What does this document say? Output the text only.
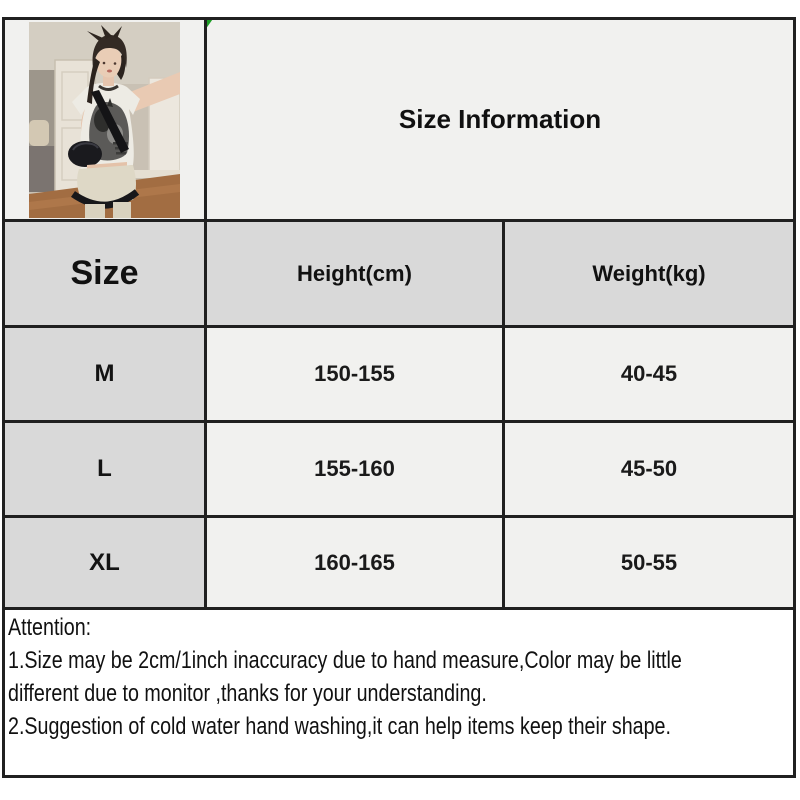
Size Information
Size	Height(cm)	Weight(kg)
M	150-155	40-45
L	155-160	45-50
XL	160-165	50-55
Attention:
1.Size may be 2cm/1inch inaccuracy due to hand measure,Color may be little
different due to monitor ,thanks for your understanding.
2.Suggestion of cold water hand washing,it can help items keep their shape.
